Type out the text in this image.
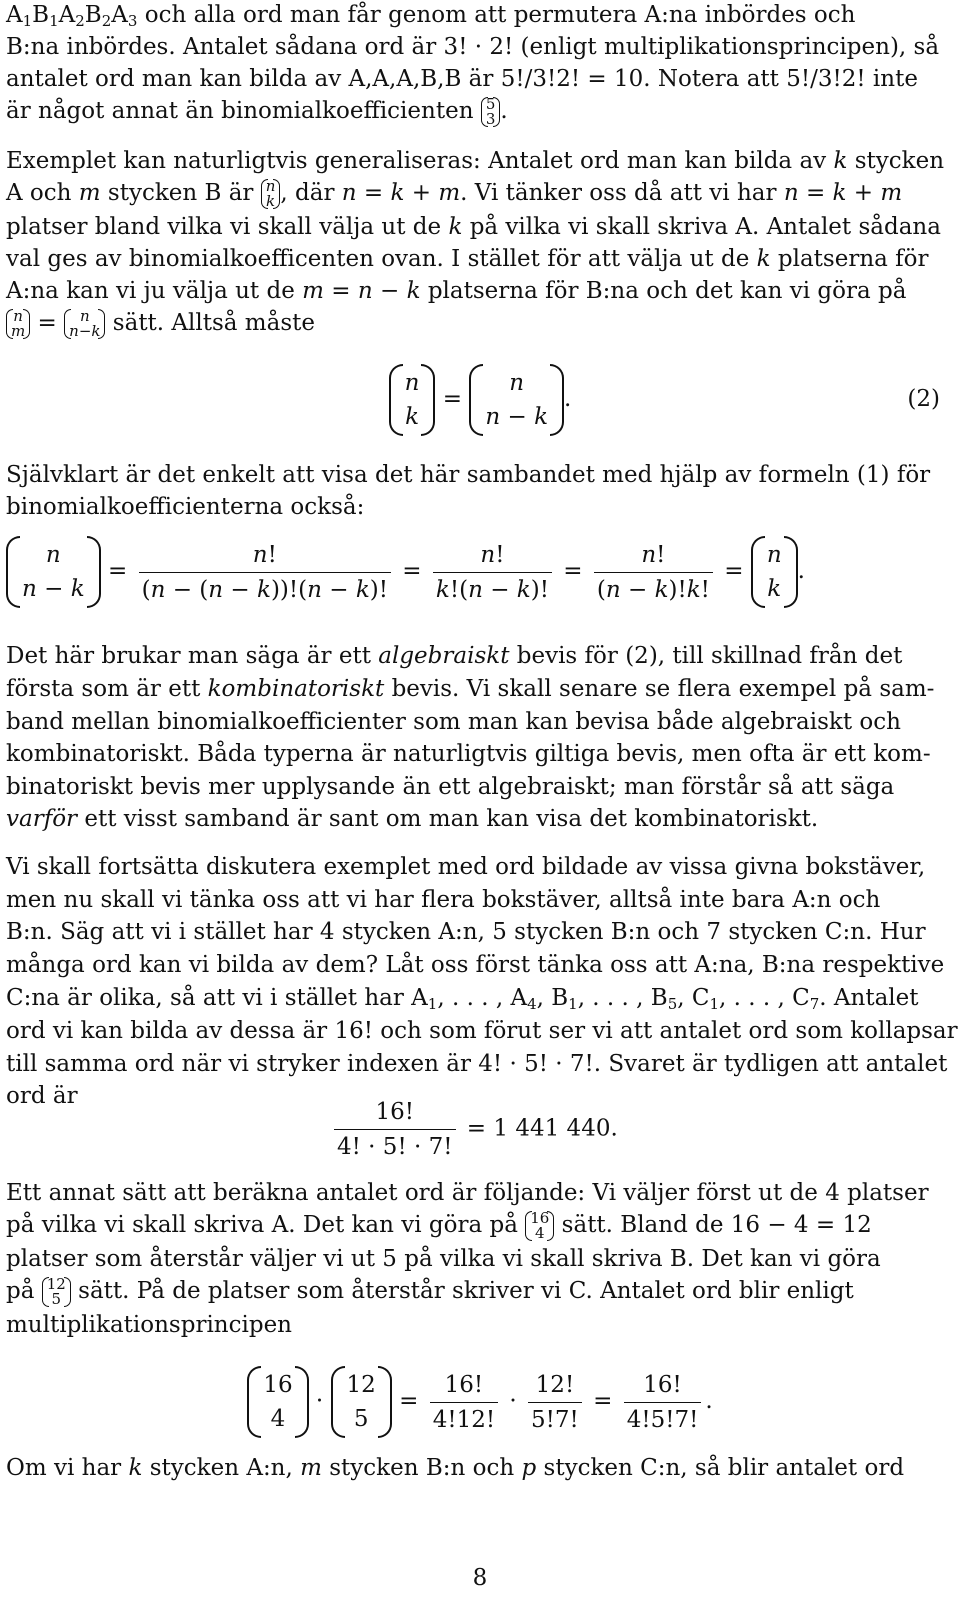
$A_1B_1A_2B_2A_3$ och alla ord man får genom att permutera A:na inbördes och
B:na inbördes. Antalet sådana ord är 3! · 2! (enligt multiplikationsprincipen), så
antalet ord man kan bilda av A,A,A,B,B är 5!/3!2! = 10. Notera att 5!/3!2! inte
är något annat än binomialkoefficienten 5
3 .
Exemplet kan naturligtvis generaliseras: Antalet ord man kan bilda av k stycken
A och m stycken B är n
k , där n = k + m. Vi tänker oss då att vi har n = k + m
platser bland vilka vi skall välja ut de k på vilka vi skall skriva A. Antalet sådana
val ges av binomialkoefficenten ovan. I stället för att välja ut de k platserna för
A:na kan vi ju välja ut de m = n − k platserna för B:na och det kan vi göra på
n
m =	n
n−k sätt. Alltså måste
n
k
=
n
n − k
.	(2)
Självklart är det enkelt att visa det här sambandet med hjälp av formeln (1) för
binomialkoefficienterna också:
n
n − k
= $\frac{n!}{(n - (n - k))!(n - k)!} = \frac{n!}{k!(n - k)!} = \frac{n!}{(n - k)!k!}$ =
n
k
.
Det här brukar man säga är ett algebraiskt bevis för (2), till skillnad från det
första som är ett kombinatoriskt bevis. Vi skall senare se flera exempel på sam-
band mellan binomialkoefficienter som man kan bevisa både algebraiskt och
kombinatoriskt. Båda typerna är naturligtvis giltiga bevis, men ofta är ett kom-
binatoriskt bevis mer upplysande än ett algebraiskt; man förstår så att säga
varför ett visst samband är sant om man kan visa det kombinatoriskt.
Vi skall fortsätta diskutera exemplet med ord bildade av vissa givna bokstäver,
men nu skall vi tänka oss att vi har flera bokstäver, alltså inte bara A:n och
B:n. Säg att vi i stället har 4 stycken A:n, 5 stycken B:n och 7 stycken C:n. Hur
många ord kan vi bilda av dem? Låt oss först tänka oss att A:na, B:na respektive
C:na är olika, så att vi i stället har $A_1$, . . . , $A_4$, $B_1$, . . . , $B_5$, $C_1$, . . . , $C_7$. Antalet
ord vi kan bilda av dessa är 16! och som förut ser vi att antalet ord som kollapsar
till samma ord när vi stryker indexen är 4! · 5! · 7!. Svaret är tydligen att antalet
ord är
$\frac{16!}{4! \cdot 5! \cdot 7!} = 1$ 441 440.
Ett annat sätt att beräkna antalet ord är följande: Vi väljer först ut de 4 platser
på vilka vi skall skriva A. Det kan vi göra på 16
4 sätt. Bland de 16 − 4 = 12
platser som återstår väljer vi ut 5 på vilka vi skall skriva B. Det kan vi göra
på 12
5 sätt. På de platser som återstår skriver vi C. Antalet ord blir enligt
multiplikationsprincipen
16
4
·
12
5
= $\frac{16!}{4!12!} \cdot \frac{12!}{5!7!} = \frac{16!}{4!5!7!}$ .
Om vi har k stycken A:n, m stycken B:n och p stycken C:n, så blir antalet ord
8
